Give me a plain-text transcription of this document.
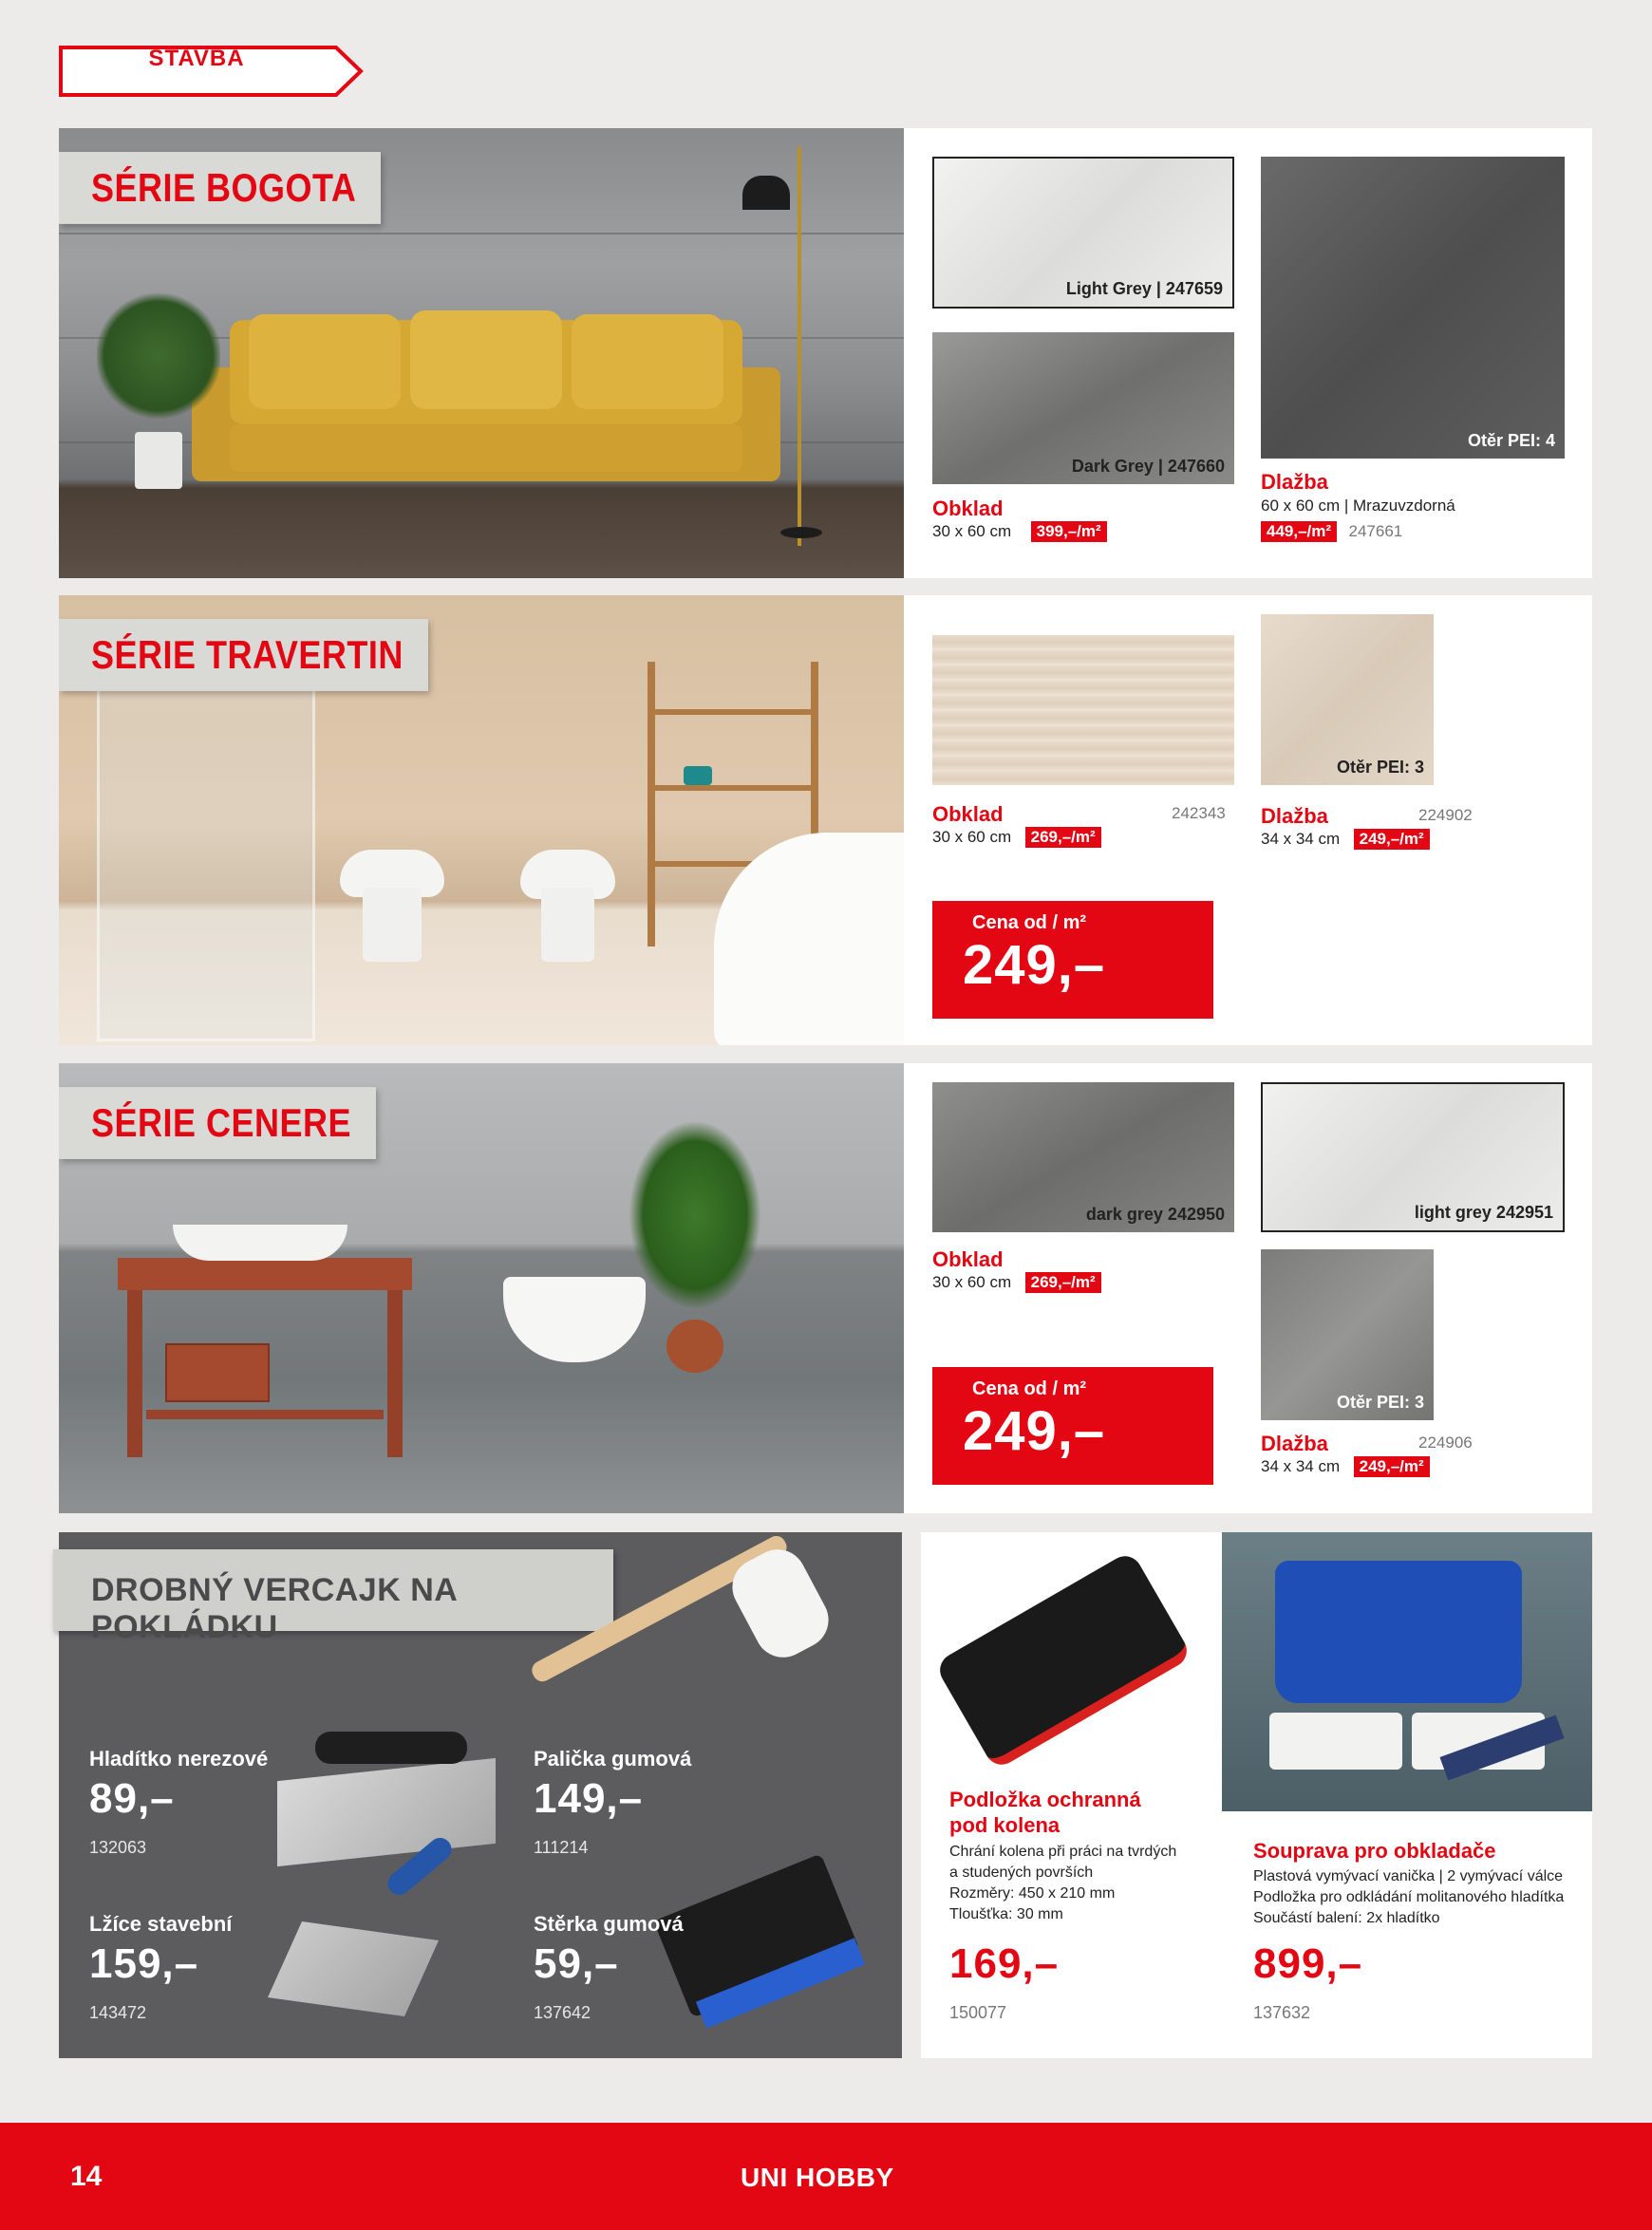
STAVBA
SÉRIE BOGOTA
Light Grey | 247659
Dark Grey | 247660
Otěr PEI: 4
Obklad
30 x 60 cm 399,–/m²
Dlažba
60 x 60 cm | Mrazuvzdorná
449,–/m² 247661
SÉRIE TRAVERTIN
Otěr PEI: 3
Obklad	242343
30 x 60 cm 269,–/m²
Dlažba	224902
34 x 34 cm 249,–/m²
Cena od / m²
249,–
SÉRIE CENERE
dark grey 242950	light grey 242951
Otěr PEI: 3
Obklad
30 x 60 cm 269,–/m²
Cena od / m²
249,–	Dlažba	224906
34 x 34 cm 249,–/m²
DROBNÝ VERCAJK NA POKLÁDKU
Hladítko nerezové
89,–
132063
Palička gumová
149,–
111214
Lžíce stavební
159,–
143472
Stěrka gumová
59,–
137642
Podložka ochranná
pod kolena
Chrání kolena při práci na tvrdých
a studených površích
Rozměry: 450 x 210 mm
Tloušťka: 30 mm
169,–
150077
Souprava pro obkladače
Plastová vymývací vanička | 2 vymývací válce
Podložka pro odkládání molitanového hladítka
Součástí balení: 2x hladítko
899,–
137632
14	UNI HOBBY
